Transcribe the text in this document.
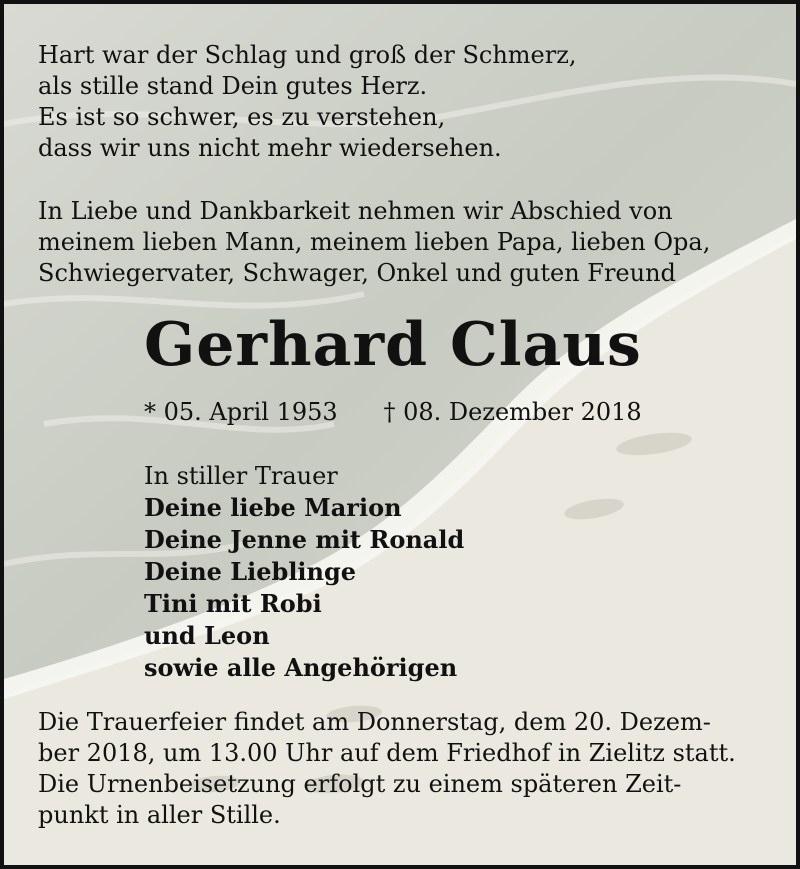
Hart war der Schlag und groß der Schmerz,
als stille stand Dein gutes Herz.
Es ist so schwer, es zu verstehen,
dass wir uns nicht mehr wiedersehen.
In Liebe und Dankbarkeit nehmen wir Abschied von
meinem lieben Mann, meinem lieben Papa, lieben Opa,
Schwiegervater, Schwager, Onkel und guten Freund
Gerhard Claus
* 05. April 1953 † 08. Dezember 2018
In stiller Trauer
Deine liebe Marion
Deine Jenne mit Ronald
Deine Lieblinge
Tini mit Robi
und Leon
sowie alle Angehörigen
Die Trauerfeier findet am Donnerstag, dem 20. Dezem-
ber 2018, um 13.00 Uhr auf dem Friedhof in Zielitz statt.
Die Urnenbeisetzung erfolgt zu einem späteren Zeit-
punkt in aller Stille.
